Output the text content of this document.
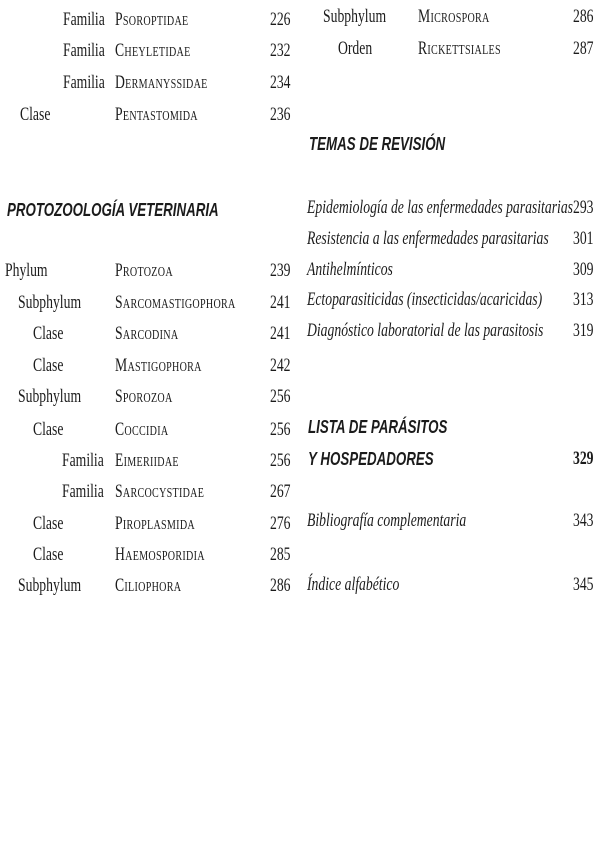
Familia PSOROPTIDAE	226
Familia CHEYLETIDAE	232
Familia DERMANYSSIDAE	234
Clase	PENTASTOMIDA	236
PROTOZOOLOGÍA VETERINARIA
Phylum	PROTOZOA	239
Subphylum SARCOMASTIGOPHORA 241
Clase	SARCODINA	241
Clase	MASTIGOPHORA	242
Subphylum SPOROZOA	256
Clase	COCCIDIA	256
Familia EIMERIIDAE	256
Familia SARCOCYSTIDAE	267
Clase	PIROPLASMIDA	276
Clase	HAEMOSPORIDIA	285
Subphylum CILIOPHORA	286
Subphylum MICROSPORA	286
Orden	RICKETTSIALES	287
TEMAS DE REVISIÓN
Epidemiología de las enfermedades parasitarias 293
Resistencia a las enfermedades parasitarias 301
Antihelmínticos	309
Ectoparasiticidas (insecticidas/acaricidas) 313
Diagnóstico laboratorial de las parasitosis 319
LISTA DE PARÁSITOS
Y HOSPEDADORES	329
Bibliografía complementaria	343
Índice alfabético	345
